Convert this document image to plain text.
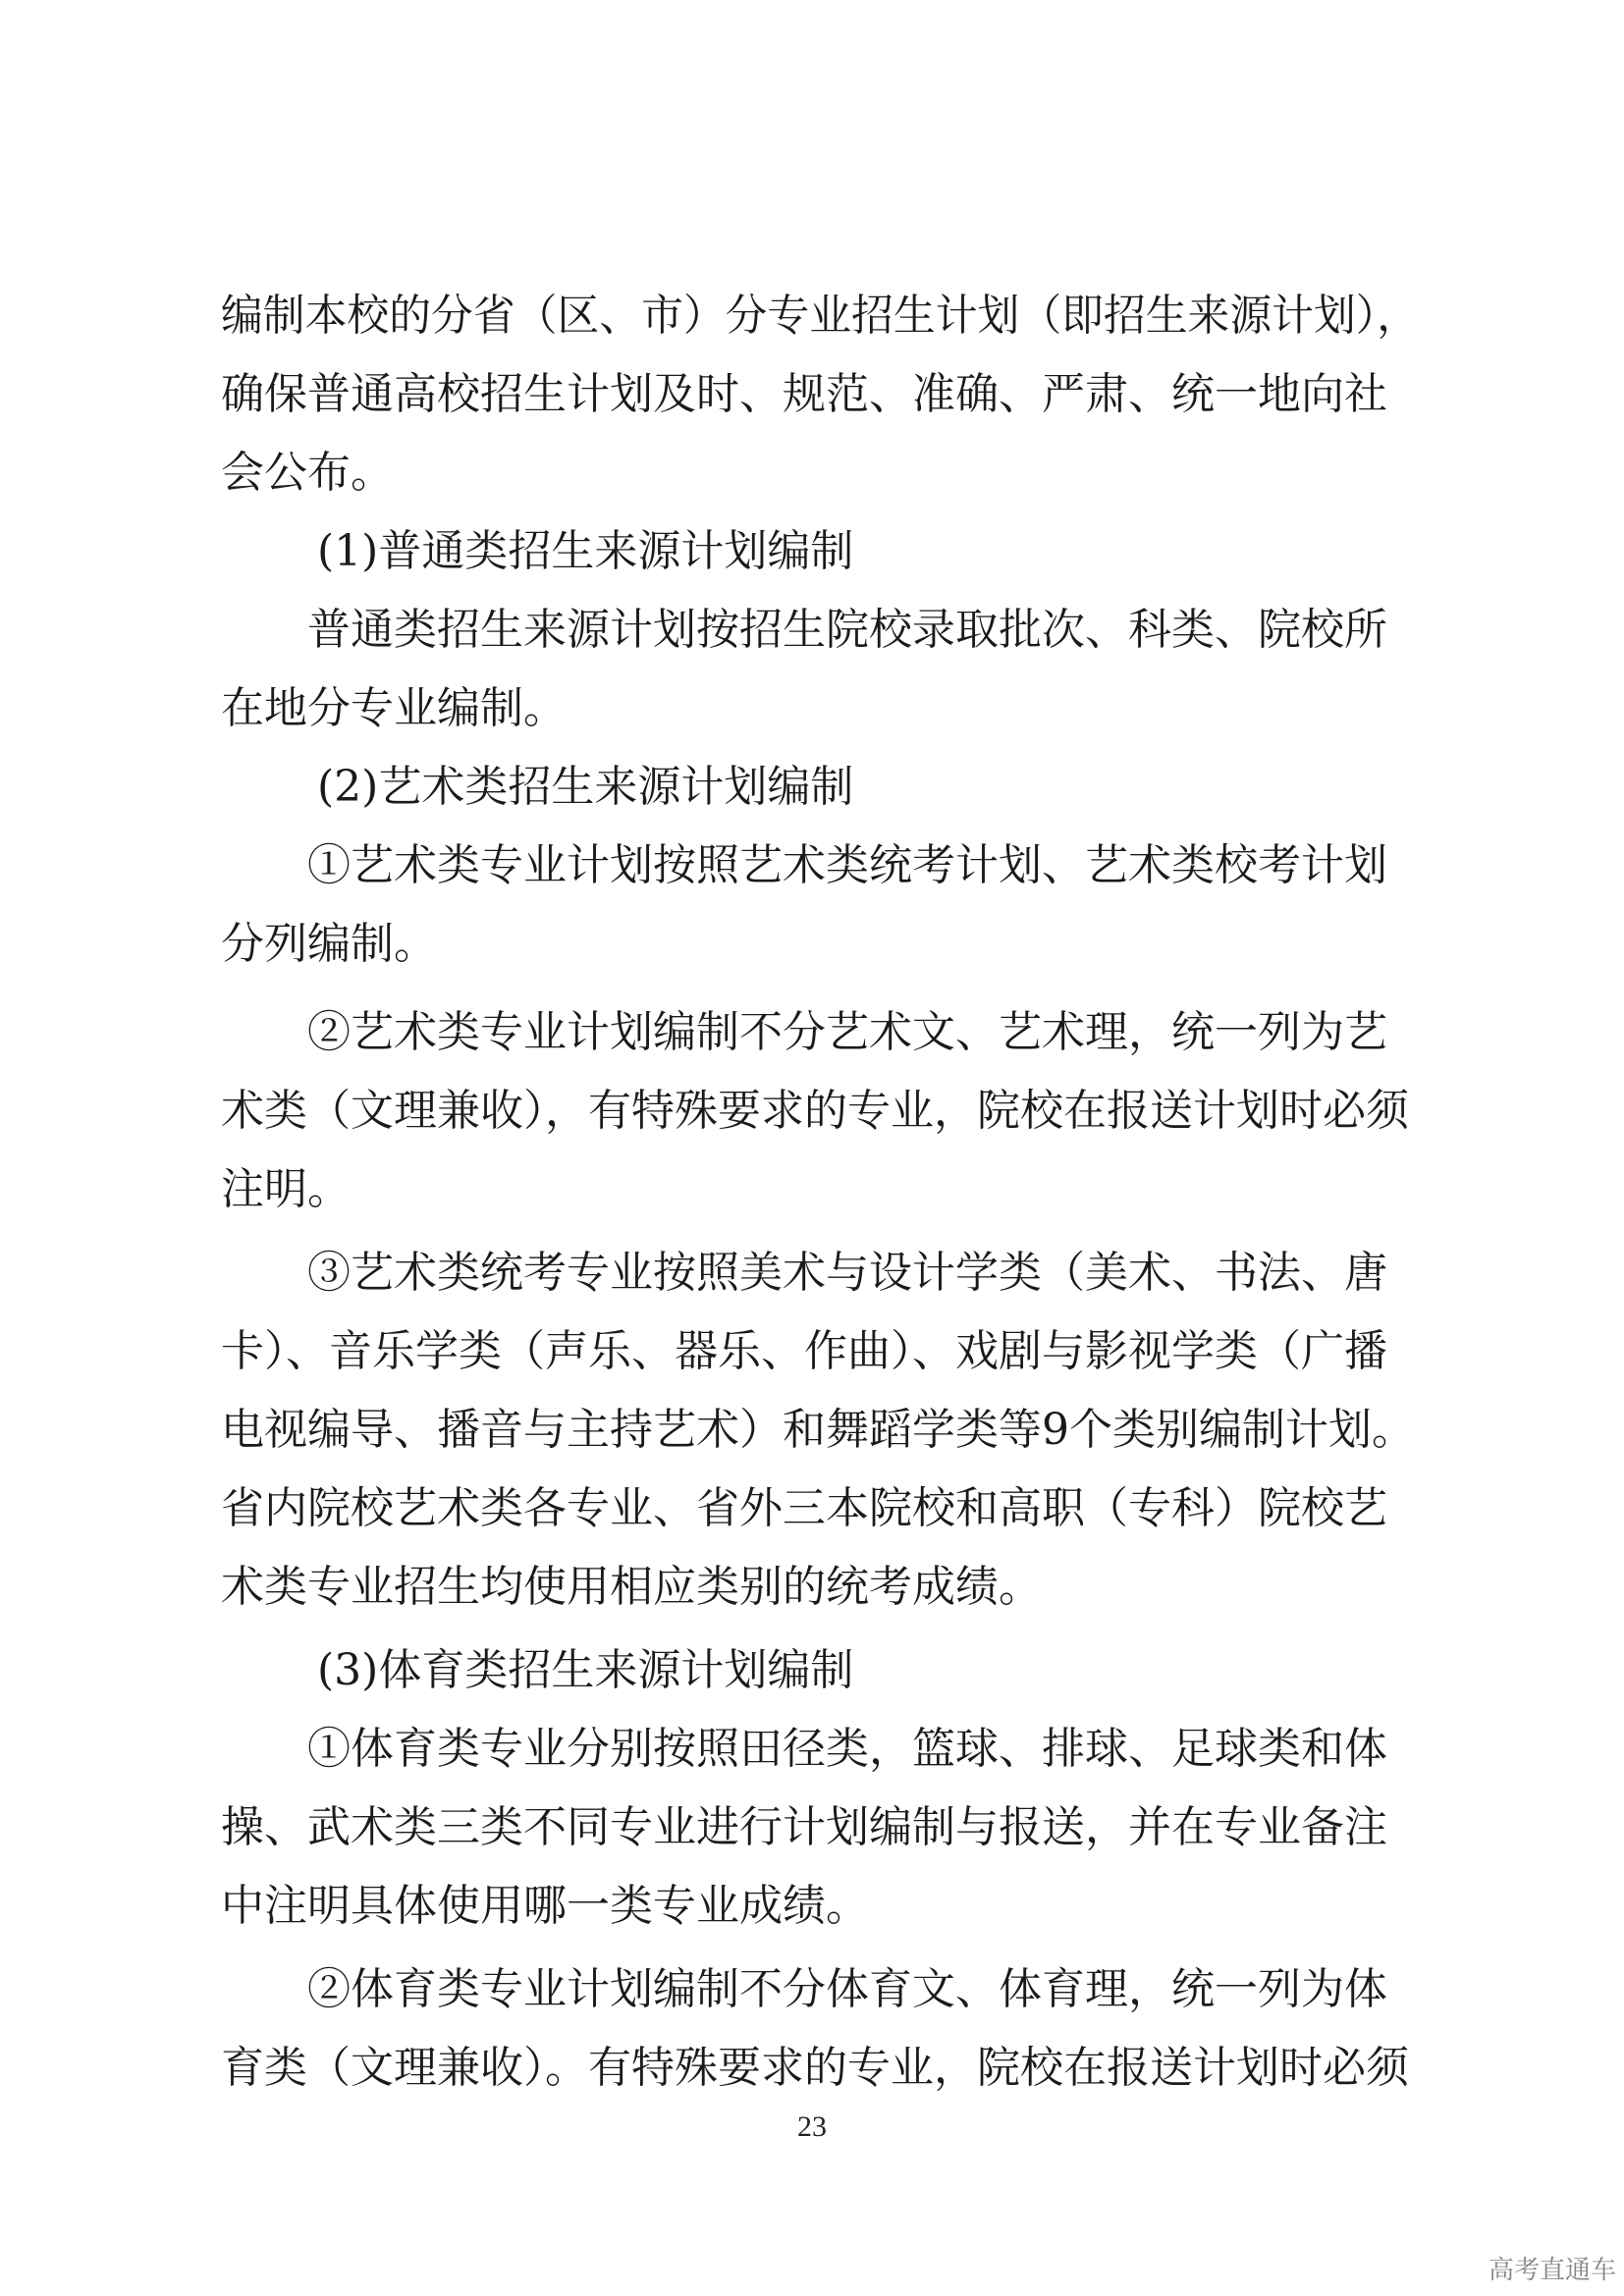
编制本校的分省（区、市）分专业招生计划（即招生来源计划），
确保普通高校招生计划及时、规范、准确、严肃、统一地向社
会公布。
(1)普通类招生来源计划编制
普通类招生来源计划按招生院校录取批次、科类、院校所
在地分专业编制。
(2)艺术类招生来源计划编制
①艺术类专业计划按照艺术类统考计划、艺术类校考计划
分列编制。
②艺术类专业计划编制不分艺术文、艺术理，统一列为艺
术类（文理兼收），有特殊要求的专业，院校在报送计划时必须
注明。
③艺术类统考专业按照美术与设计学类（美术、书法、唐
卡）、音乐学类（声乐、器乐、作曲）、戏剧与影视学类（广播
电视编导、播音与主持艺术）和舞蹈学类等9个类别编制计划。
省内院校艺术类各专业、省外三本院校和高职（专科）院校艺
术类专业招生均使用相应类别的统考成绩。
(3)体育类招生来源计划编制
①体育类专业分别按照田径类，篮球、排球、足球类和体
操、武术类三类不同专业进行计划编制与报送，并在专业备注
中注明具体使用哪一类专业成绩。
②体育类专业计划编制不分体育文、体育理，统一列为体
育类（文理兼收）。有特殊要求的专业，院校在报送计划时必须
23
高考直通车
